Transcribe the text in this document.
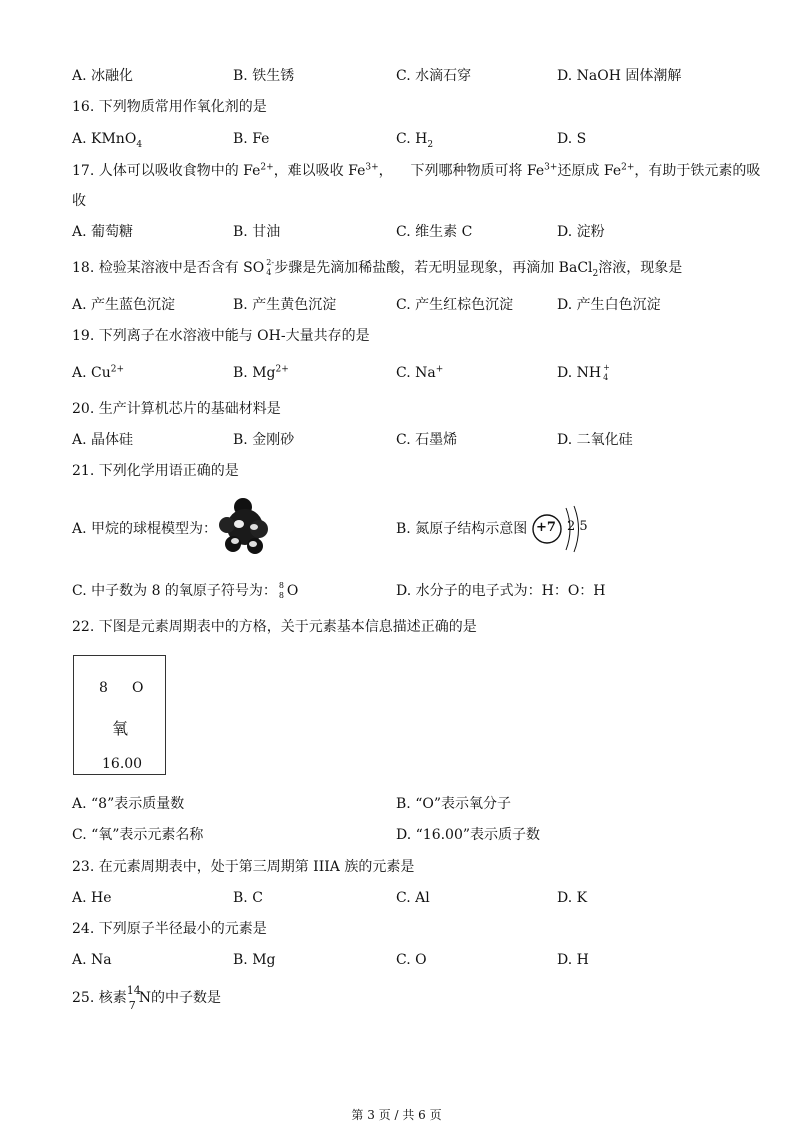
A. 冰融化	B. 铁生锈	C. 水滴石穿	D. NaOH 固体潮解
16. 下列物质常用作氧化剂的是
A. KMnO$_4$	B. Fe	C. $H_2$	D. S
17. 人体可以吸收食物中的 $Fe^{2+}$，难以吸收 $Fe^{3+}$，    下列哪种物质可将 $Fe^{3+}$还原成 $Fe^{2+}$，有助于铁元素的吸
收
A. 葡萄糖	B. 甘油	C. 维生素 C	D. 淀粉
18. 检验某溶液中是否含有 SO 2-
4 步骤是先滴加稀盐酸，若无明显现象，再滴加 BaCl$_2$溶液，现象是
A. 产生蓝色沉淀	B. 产生黄色沉淀	C. 产生红棕色沉淀	D. 产生白色沉淀
19. 下列离子在水溶液中能与 OH-大量共存的是
A. $Cu^{2+}$	B. $Mg^{2+}$	C. Na+	D. NH +
4
20. 生产计算机芯片的基础材料是
A. 晶体硅	B. 金刚砂	C. 石墨烯	D. 二氧化硅
21. 下列化学用语正确的是
A. 甲烷的球棍模型为：	B. 氮原子结构示意图 +7 2 5
C. 中子数为 8 的氧原子符号为： 8
8 O	D. 水分子的电子式为：H：O：H
22. 下图是元素周期表中的方格，关于元素基本信息描述正确的是
8 O
氧
16.00
A. “8”表示质量数	B. “O”表示氧分子
C. “氧”表示元素名称	D. “16.00”表示质子数
23. 在元素周期表中，处于第三周期第 IIIA 族的元素是
A. He	B. C	C. Al	D. K
24. 下列原子半径最小的元素是
A. Na	B. Mg	C. O	D. H
25. 核素 14
7 N的中子数是
第 3 页 / 共 6 页
